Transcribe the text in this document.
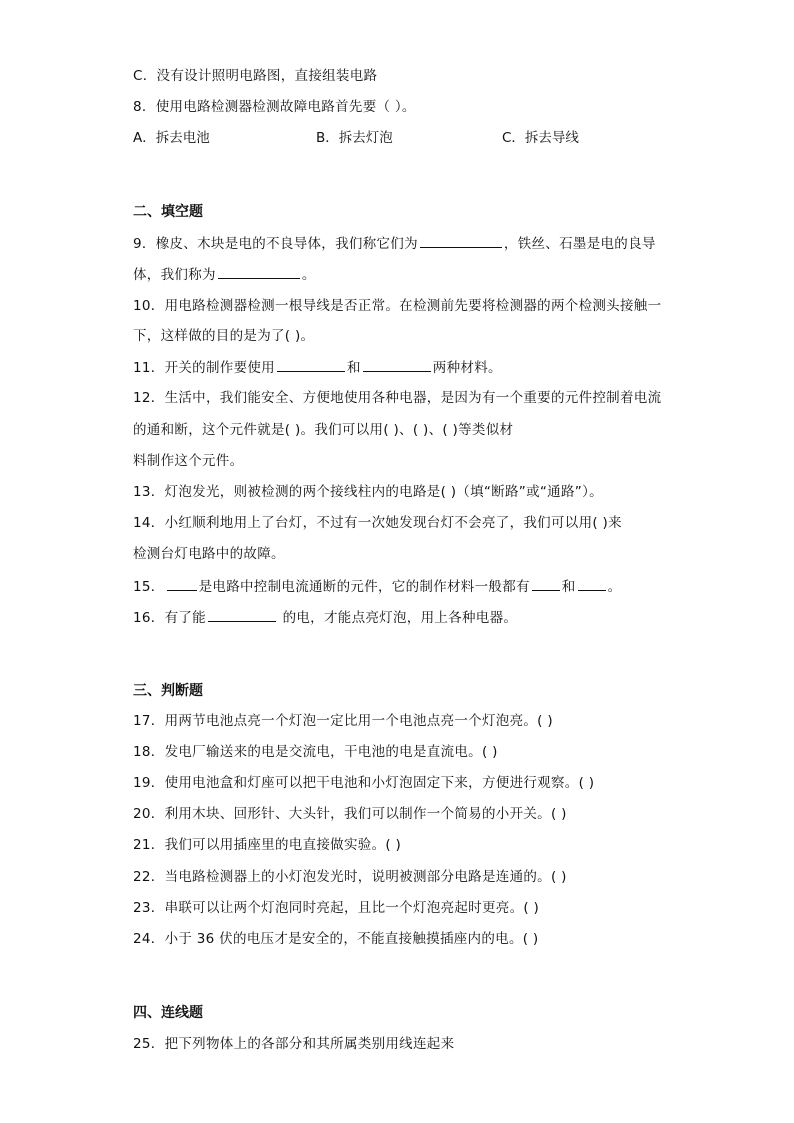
C．没有设计照明电路图，直接组装电路
8．使用电路检测器检测故障电路首先要（ ）。
A．拆去电池	B．拆去灯泡	C．拆去导线
二、填空题
9．橡皮、木块是电的不良导体，我们称它们为	，铁丝、石墨是电的良导
体，我们称为	。
10．用电路检测器检测一根导线是否正常。在检测前先要将检测器的两个检测头接触一
下，这样做的目的是为了( )。
11．开关的制作要使用	和	两种材料。
12．生活中，我们能安全、方便地使用各种电器，是因为有一个重要的元件控制着电流
的通和断，这个元件就是( )。我们可以用( )、( )、( )等类似材
料制作这个元件。
13．灯泡发光，则被检测的两个接线柱内的电路是( )（填“断路”或“通路”）。
14．小红顺利地用上了台灯，不过有一次她发现台灯不会亮了，我们可以用( )来
检测台灯电路中的故障。
15．	是电路中控制电流通断的元件，它的制作材料一般都有 和 。
16．有了能	的电，才能点亮灯泡，用上各种电器。
三、判断题
17．用两节电池点亮一个灯泡一定比用一个电池点亮一个灯泡亮。( )
18．发电厂输送来的电是交流电，干电池的电是直流电。( )
19．使用电池盒和灯座可以把干电池和小灯泡固定下来，方便进行观察。( )
20．利用木块、回形针、大头针，我们可以制作一个简易的小开关。( )
21．我们可以用插座里的电直接做实验。( )
22．当电路检测器上的小灯泡发光时，说明被测部分电路是连通的。( )
23．串联可以让两个灯泡同时亮起，且比一个灯泡亮起时更亮。( )
24．小于 36 伏的电压才是安全的，不能直接触摸插座内的电。( )
四、连线题
25．把下列物体上的各部分和其所属类别用线连起来
